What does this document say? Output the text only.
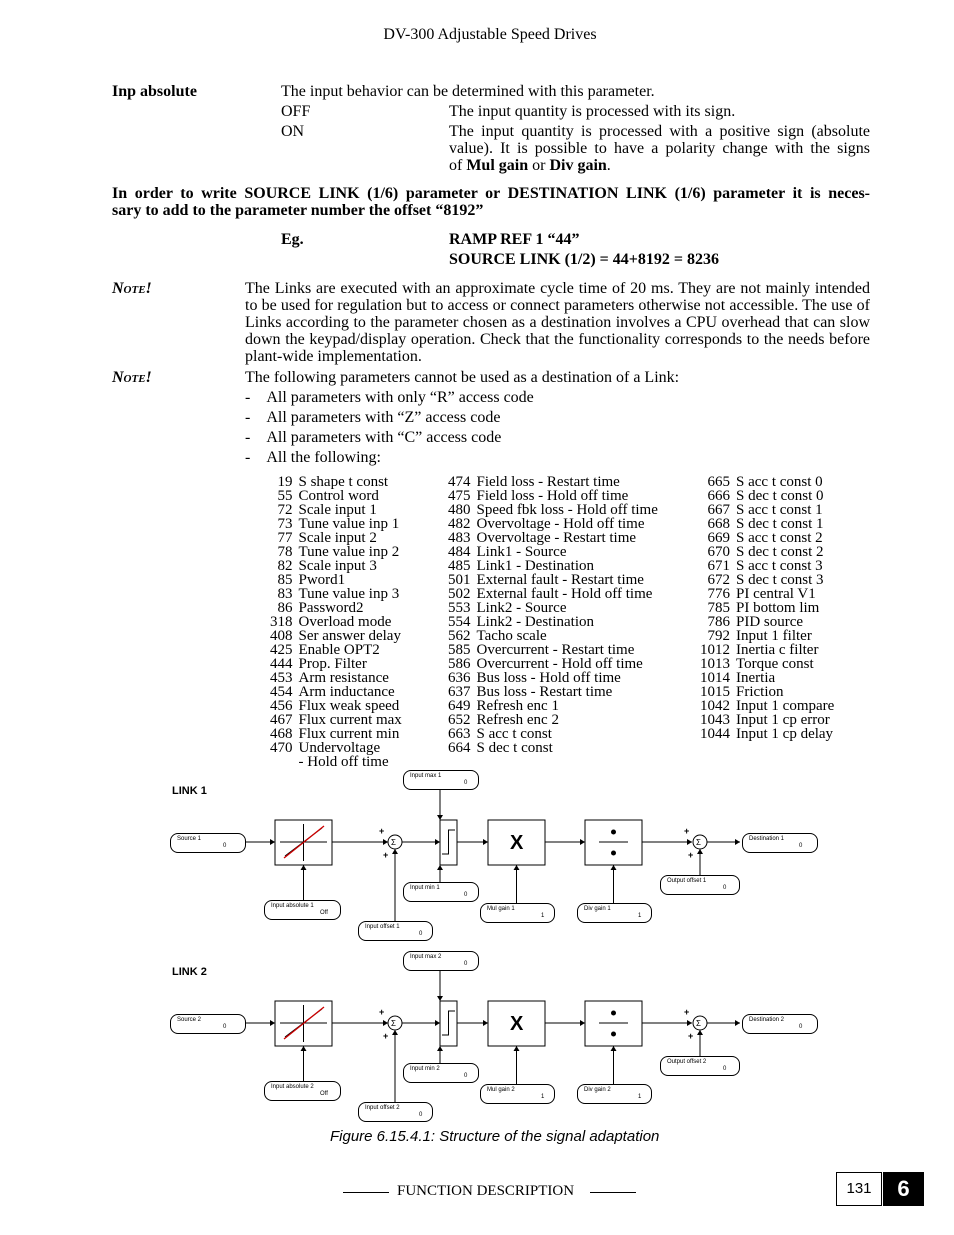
DV-300 Adjustable Speed Drives
Inp absolute	The input behavior can be determined with this parameter.
OFF	The input quantity is processed with its sign.
ON	The input quantity is processed with a positive sign (absolute
value). It is possible to have a polarity change with the signs
of Mul gain or Div gain.
In order to write SOURCE LINK (1/6) parameter or DESTINATION LINK (1/6) parameter it is neces-
sary to add to the parameter number the offset “8192”
Eg.	RAMP REF 1 “44”
SOURCE LINK (1/2) = 44+8192 = 8236
Note!	The Links are executed with an approximate cycle time of 20 ms. They are not mainly intended to be used for regulation but to access or connect parameters otherwise not accessible. The use of Links according to the parameter chosen as a destination involves a CPU overhead that can slow down the keypad/display operation. Check that the functionality corresponds to the needs before plant-wide implementation.
Note!	The following parameters cannot be used as a destination of a Link:
-    All parameters with only “R” access code
-    All parameters with “Z” access code
-    All parameters with “C” access code
-    All the following:
19	S shape t const
55	Control word
72	Scale input 1
73	Tune value inp 1
77	Scale input 2
78	Tune value inp 2
82	Scale input 3
85	Pword1
83	Tune value inp 3
86	Password2
318	Overload mode
408	Ser answer delay
425	Enable OPT2
444	Prop. Filter
453	Arm resistance
454	Arm inductance
456	Flux weak speed
467	Flux current max
468	Flux current min
470	Undervoltage
	- Hold off time
474	Field loss - Restart time
475	Field loss - Hold off time
480	Speed fbk loss - Hold off time
482	Overvoltage - Hold off time
483	Overvoltage - Restart time
484	Link1 - Source
485	Link1 - Destination
501	External fault - Restart time
502	External fault - Hold off time
553	Link2 - Source
554	Link2 - Destination
562	Tacho scale
585	Overcurrent - Restart time
586	Overcurrent - Hold off time
636	Bus loss - Hold off time
637	Bus loss - Restart time
649	Refresh enc 1
652	Refresh enc 2
663	S acc t const
664	S dec t const
665	S acc t const 0
666	S dec t const 0
667	S acc t const 1
668	S dec t const 1
669	S acc t const 2
670	S dec t const 2
671	S acc t const 3
672	S dec t const 3
776	PI central V1
785	PI bottom lim
786	PID source
792	Input 1 filter
1012	Inertia c filter
1013	Torque const
1014	Inertia
1015	Friction
1042	Input 1 compare
1043	Input 1 cp error
1044	Input 1 cp delay
LINK 1
Σ
+
+
X	Σ
+
+
LINK 2
Σ
+
+
X	Σ
+
+
Source 1
0
Input absolute 1
Off
Input offset 1
0
Input max 1
0
Input min 1
0
Mul gain 1
1
Div gain 1
1
Output offset 1
0
Destination 1
0
Source 2
0
Input absolute 2
Off
Input offset 2
0
Input max 2
0
Input min 2
0
Mul gain 2
1
Div gain 2
1
Output offset 2
0
Destination 2
0
Figure 6.15.4.1: Structure of the signal adaptation
FUNCTION DESCRIPTION	131	6
